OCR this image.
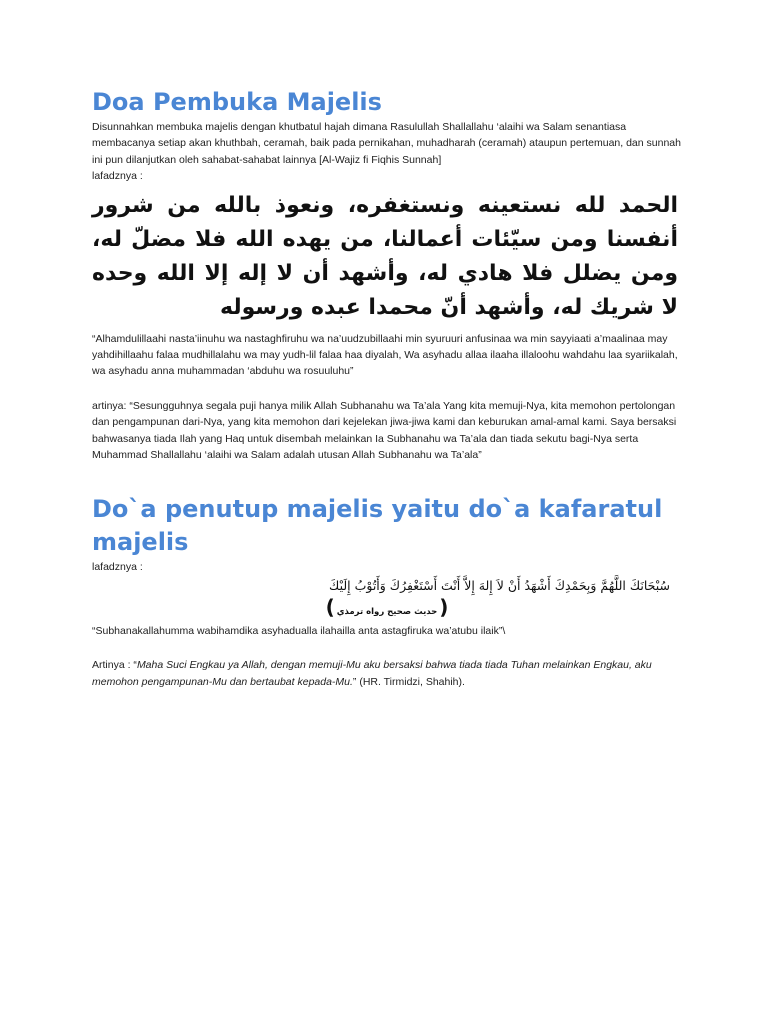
Doa Pembuka Majelis

Disunnahkan membuka majelis dengan khutbatul hajah dimana Rasulullah Shallallahu ‘alaihi wa Salam senantiasa membacanya setiap akan khuthbah, ceramah, baik pada pernikahan, muhadharah (ceramah) ataupun pertemuan, dan sunnah ini pun dilanjutkan oleh sahabat-sahabat lainnya [Al-Wajiz fi Fiqhis Sunnah]

lafadznya :

الحمد لله نستعينه ونستغفره، ونعوذ بالله من شرور أنفسنا ومن سيّئات أعمالنا، من يهده الله فلا مضلّ له، ومن يضلل فلا هادي له، وأشهد أن لا إله إلا الله وحده لا شريك له، وأشهد أنّ محمدا عبده ورسوله

“Alhamdulillaahi nasta’iinuhu wa nastaghfiruhu wa na’uudzubillaahi min syuruuri anfusinaa wa min sayyiaati a’maalinaa may yahdihillaahu falaa mudhillalahu wa may yudh-lil falaa haa diyalah, Wa asyhadu allaa ilaaha illaloohu wahdahu laa syariikalah, wa asyhadu anna muhammadan ‘abduhu wa rosuuluhu”

artinya: “Sesungguhnya segala puji hanya milik Allah Subhanahu wa Ta’ala Yang kita memuji-Nya, kita memohon pertolongan dan pengampunan dari-Nya, yang kita memohon dari kejelekan jiwa-jiwa kami dan keburukan amal-amal kami. Saya bersaksi bahwasanya tiada Ilah yang Haq untuk disembah melainkan Ia Subhanahu wa Ta’ala dan tiada sekutu bagi-Nya serta Muhammad Shallallahu ‘alaihi wa Salam adalah utusan Allah Subhanahu wa Ta’ala”

Do`a penutup majelis yaitu do`a kafaratul majelis

lafadznya :

سُبْحَانَكَ اللَّهُمَّ وَبِحَمْدِكَ أَشْهَدُ أَنْ لاَ إِلهَ إِلاَّ أَنْتَ أَسْتَغْفِرُكَ وَأَتُوْبُ إِلَيْكَ

(حديث صحيح رواه ترمذي)

“Subhanakallahumma wabihamdika asyhadualla ilahailla anta astagfiruka wa’atubu ilaik”\

Artinya : “Maha Suci Engkau ya Allah, dengan memuji-Mu aku bersaksi bahwa tiada tiada Tuhan melainkan Engkau, aku memohon pengampunan-Mu dan bertaubat kepada-Mu.” (HR. Tirmidzi, Shahih).
